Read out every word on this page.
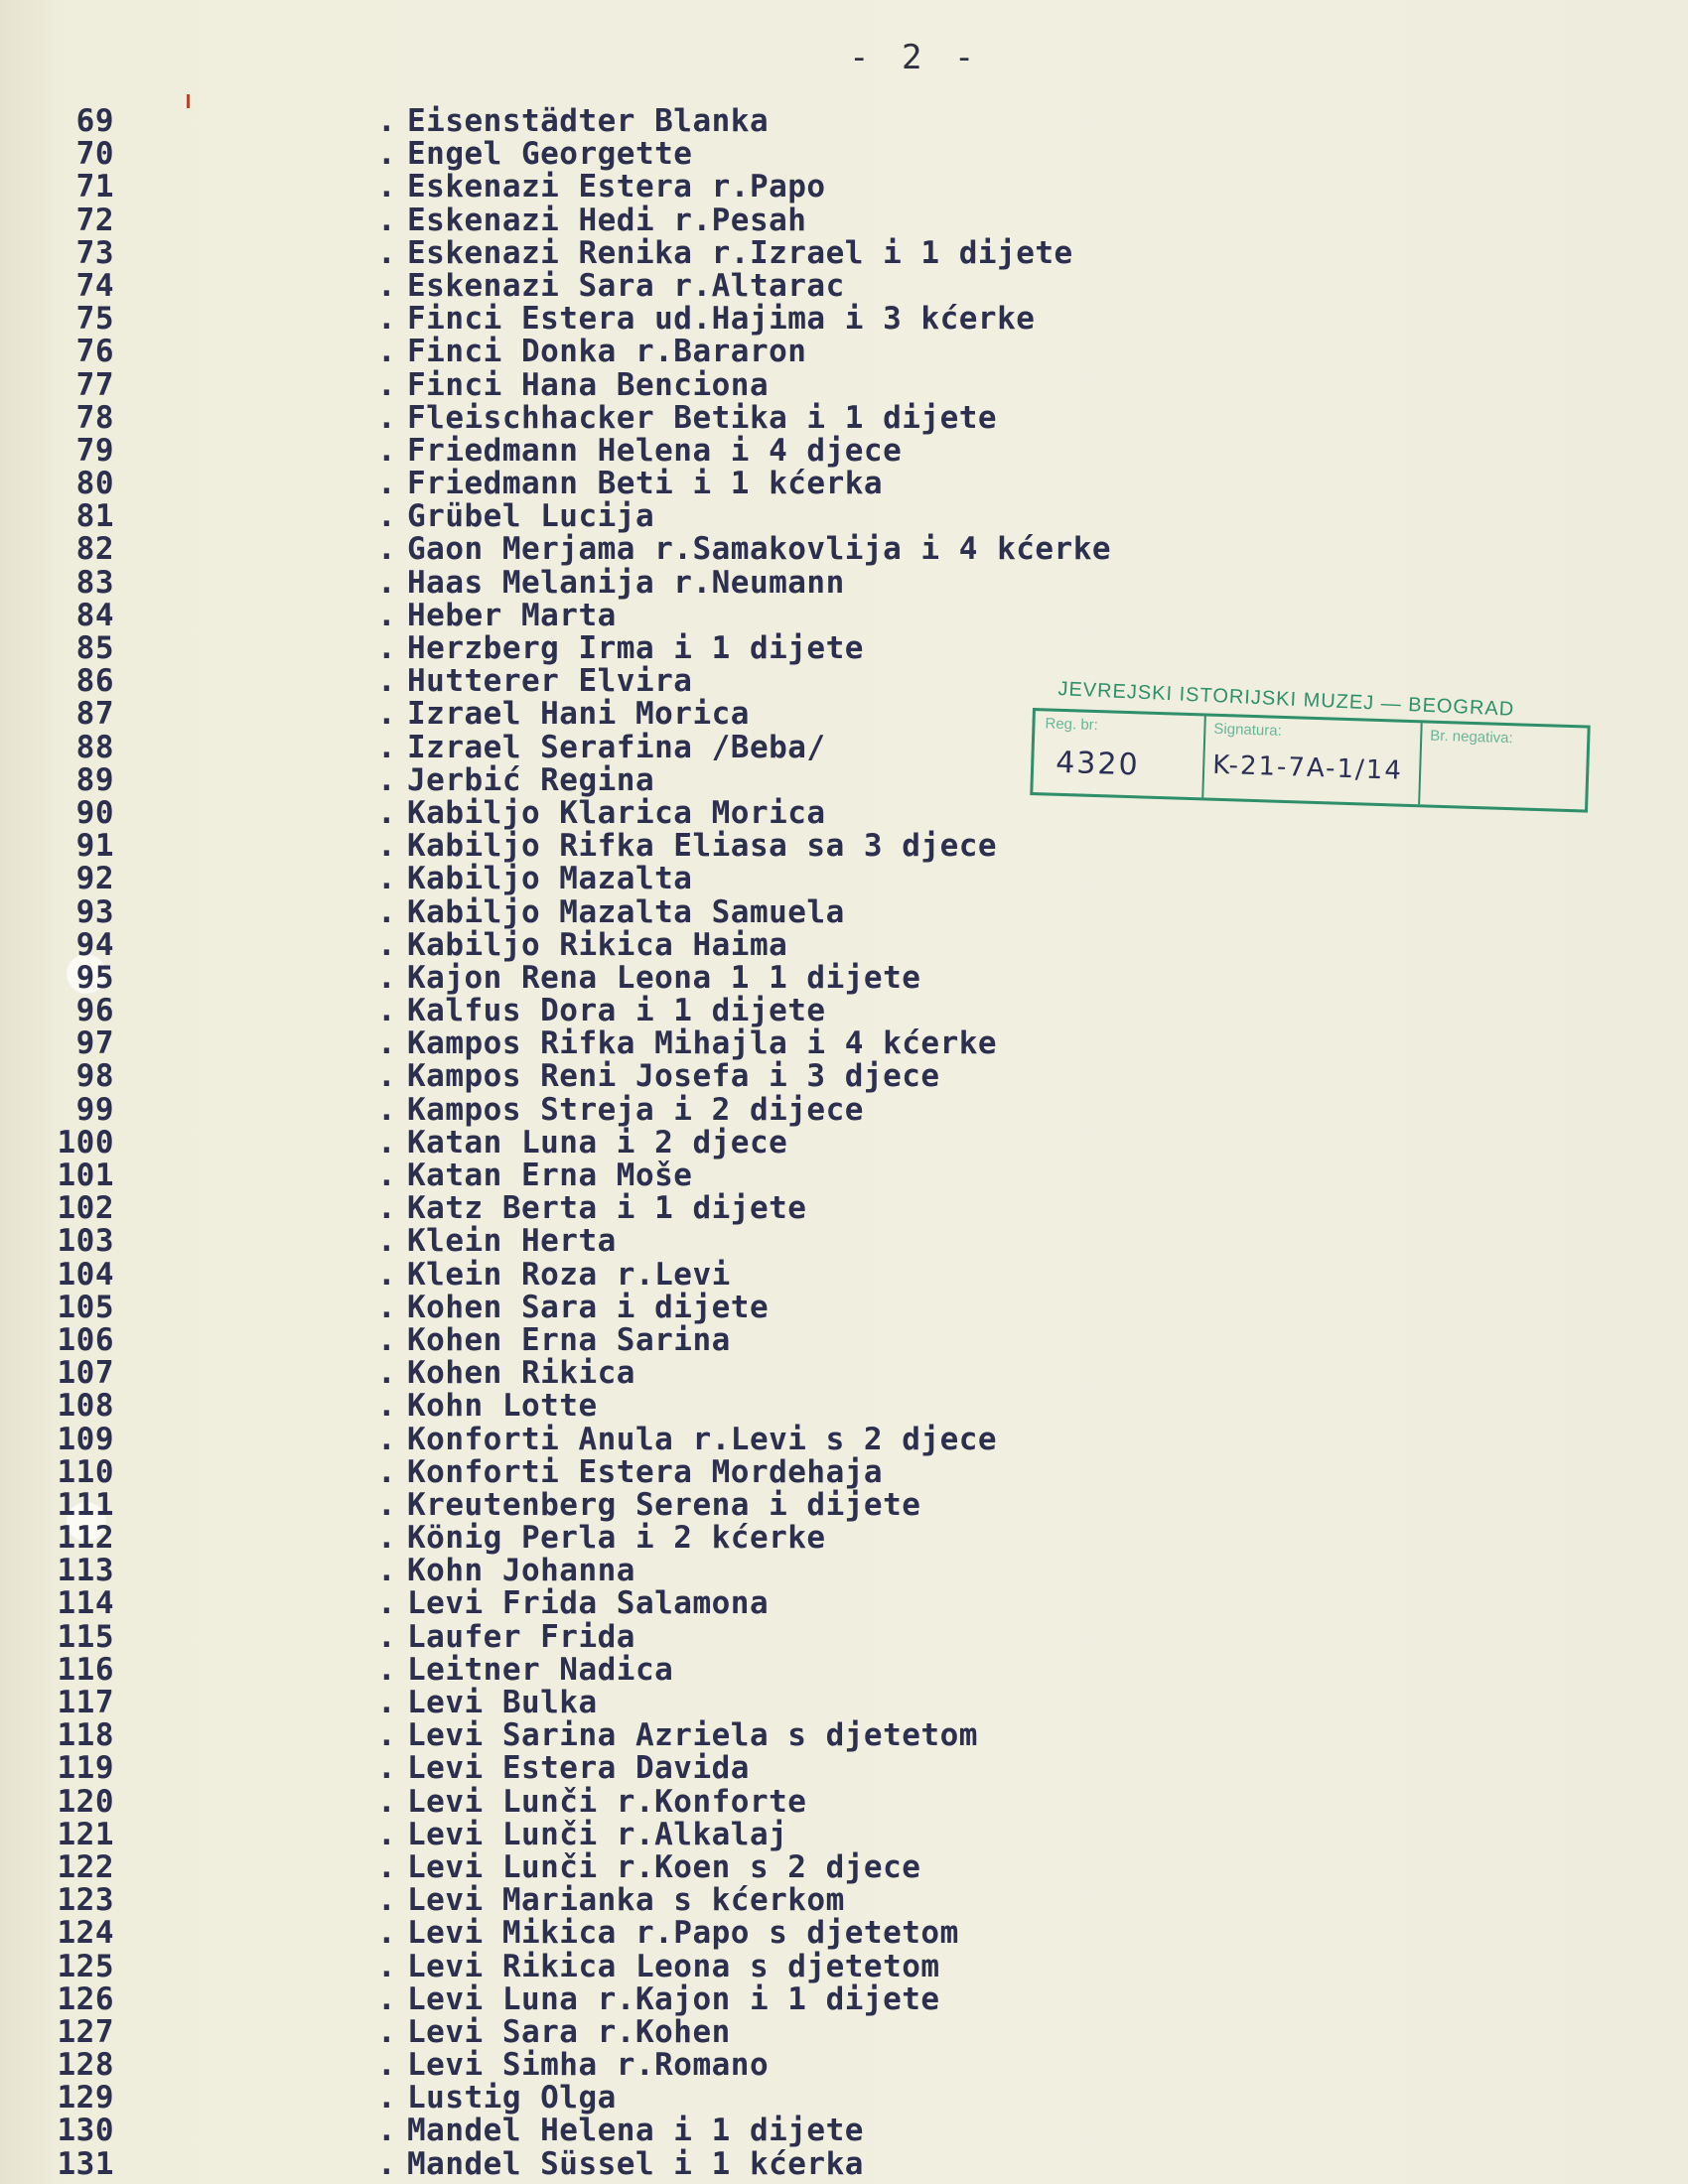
- 2 -
69	. Eisenstädter Blanka
70	. Engel Georgette
71	. Eskenazi Estera r.Papo
72	. Eskenazi Hedi r.Pesah
73	. Eskenazi Renika r.Izrael i 1 dijete
74	. Eskenazi Sara r.Altarac
75	. Finci Estera ud.Hajima i 3 kćerke
76	. Finci Donka r.Bararon
77	. Finci Hana Benciona
78	. Fleischhacker Betika i 1 dijete
79	. Friedmann Helena i 4 djece
80	. Friedmann Beti i 1 kćerka
81	. Grübel Lucija
82	. Gaon Merjama r.Samakovlija i 4 kćerke
83	. Haas Melanija r.Neumann
84	. Heber Marta
85	. Herzberg Irma i 1 dijete
86	. Hutterer Elvira
87	. Izrael Hani Morica
88	. Izrael Serafina /Beba/
89	. Jerbić Regina
90	. Kabiljo Klarica Morica
91	. Kabiljo Rifka Eliasa sa 3 djece
92	. Kabiljo Mazalta
93	. Kabiljo Mazalta Samuela
94	. Kabiljo Rikica Haima
95	. Kajon Rena Leona 1 1 dijete
96	. Kalfus Dora i 1 dijete
97	. Kampos Rifka Mihajla i 4 kćerke
98	. Kampos Reni Josefa i 3 djece
99	. Kampos Streja i 2 dijece
100	. Katan Luna i 2 djece
101	. Katan Erna Moše
102	. Katz Berta i 1 dijete
103	. Klein Herta
104	. Klein Roza r.Levi
105	. Kohen Sara i dijete
106	. Kohen Erna Sarina
107	. Kohen Rikica
108	. Kohn Lotte
109	. Konforti Anula r.Levi s 2 djece
110	. Konforti Estera Mordehaja
111	. Kreutenberg Serena i dijete
112	. König Perla i 2 kćerke
113	. Kohn Johanna
114	. Levi Frida Salamona
115	. Laufer Frida
116	. Leitner Nadica
117	. Levi Bulka
118	. Levi Sarina Azriela s djetetom
119	. Levi Estera Davida
120	. Levi Lunči r.Konforte
121	. Levi Lunči r.Alkalaj
122	. Levi Lunči r.Koen s 2 djece
123	. Levi Marianka s kćerkom
124	. Levi Mikica r.Papo s djetetom
125	. Levi Rikica Leona s djetetom
126	. Levi Luna r.Kajon i 1 dijete
127	. Levi Sara r.Kohen
128	. Levi Simha r.Romano
129	. Lustig Olga
130	. Mandel Helena i 1 dijete
131	. Mandel Süssel i 1 kćerka
JEVREJSKI ISTORIJSKI MUZEJ — BEOGRAD
Reg. br:
4320
Signatura:
K-21-7A-1/14
Br. negativa:
